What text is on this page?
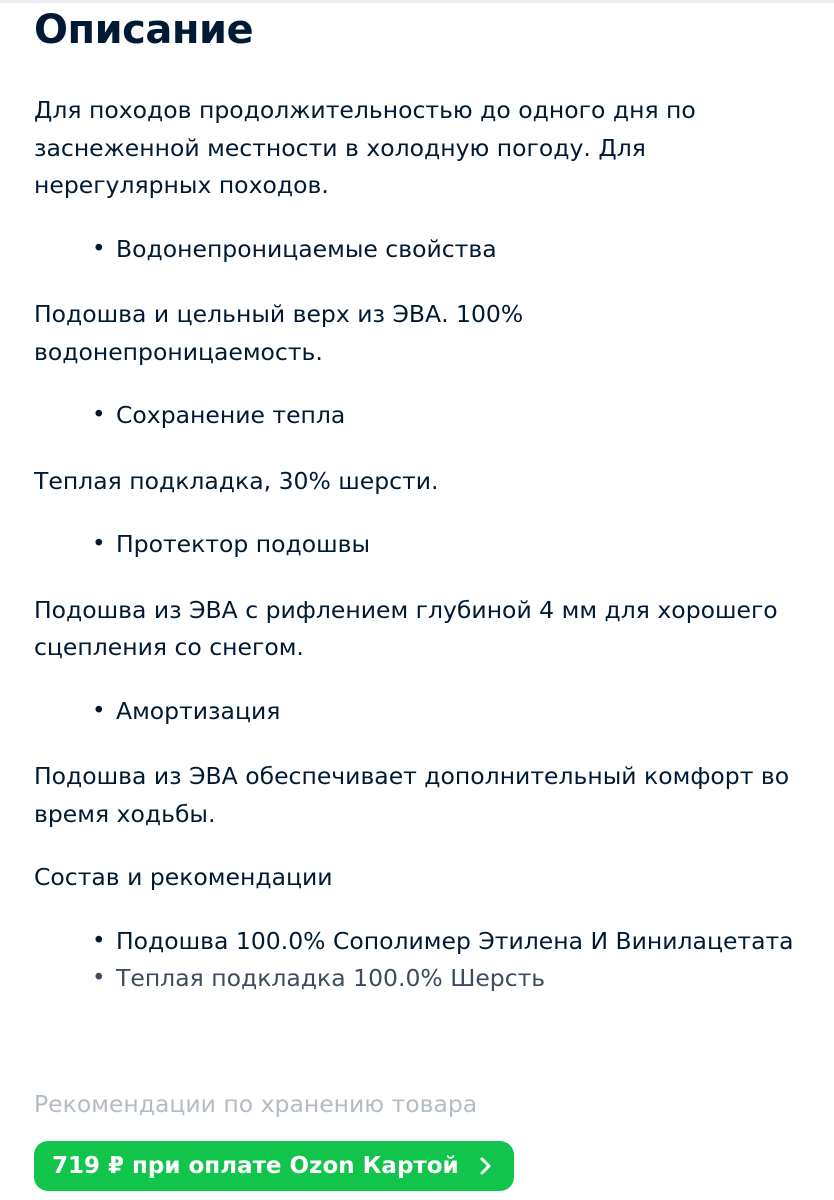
Описание

Для походов продолжительностью до одного дня по заснеженной местности в холодную погоду. Для нерегулярных походов.

• Водонепроницаемые свойства

Подошва и цельный верх из ЭВА. 100% водонепроницаемость.

• Сохранение тепла

Теплая подкладка, 30% шерсти.

• Протектор подошвы

Подошва из ЭВА с рифлением глубиной 4 мм для хорошего сцепления со снегом.

• Амортизация

Подошва из ЭВА обеспечивает дополнительный комфорт во время ходьбы.

Состав и рекомендации

• Подошва 100.0% Сополимер Этилена И Винилацетата
• Теплая подкладка 100.0% Шерсть
Рекомендации по хранению товара
719 ₽ при оплате Ozon Картой
